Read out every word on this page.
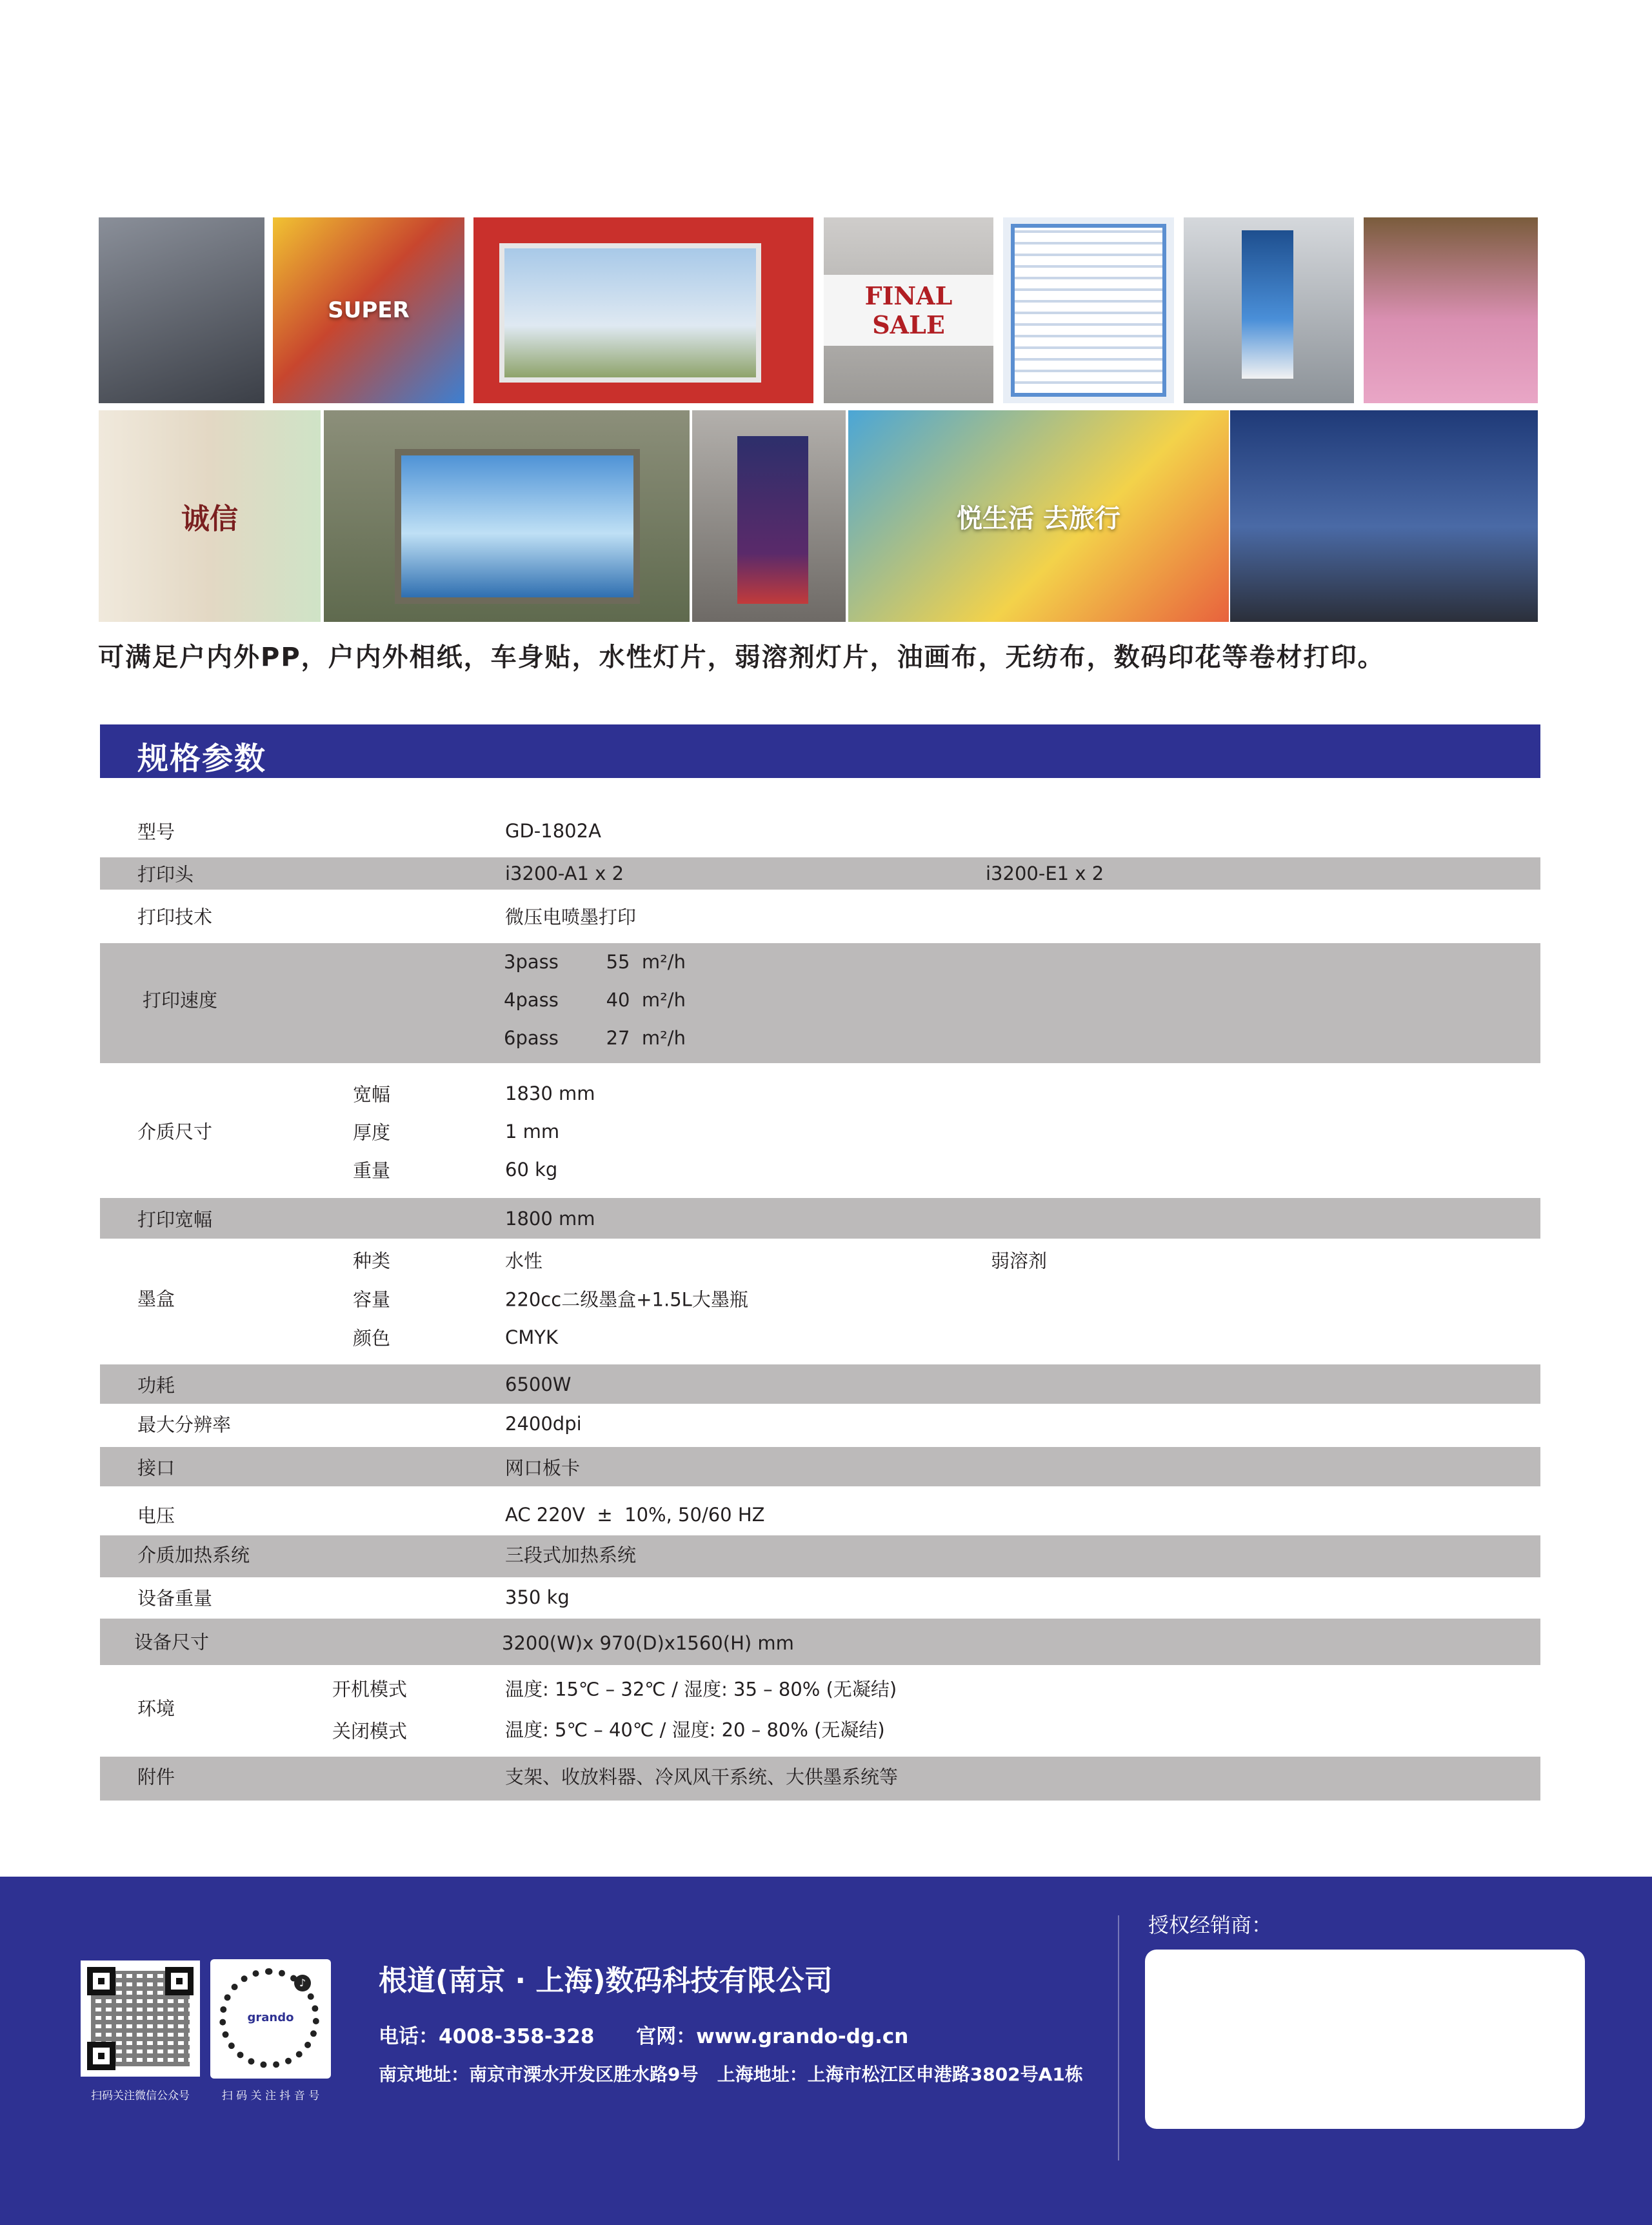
SUPER	FINAL SALE
诚信	悦生活 去旅行
可满足户内外PP，户内外相纸，车身贴，水性灯片，弱溶剂灯片，油画布，无纺布，数码印花等卷材打印。
规格参数
型号	GD-1802A
打印头	i3200-A1 x 2	i3200-E1 x 2
打印技术	微压电喷墨打印
打印速度
3pass        55  m²/h
4pass        40  m²/h
6pass        27  m²/h
介质尺寸
宽幅	1830 mm
厚度	1 mm
重量	60 kg
打印宽幅	1800 mm
墨盒
种类	水性	弱溶剂
容量	220cc二级墨盒+1.5L大墨瓶
颜色	CMYK
功耗	6500W
最大分辨率	2400dpi
接口	网口板卡
电压	AC 220V  ±  10%, 50/60 HZ
介质加热系统	三段式加热系统
设备重量	350 kg
设备尺寸	3200(W)x 970(D)x1560(H) mm
环境
开机模式	温度: 15℃ – 32℃ / 湿度: 35 – 80% (无凝结)
关闭模式	温度: 5℃ – 40℃ / 湿度: 20 – 80% (无凝结)
附件	支架、收放料器、冷风风干系统、大供墨系统等
扫码关注微信公众号
grando
♪
扫 码 关 注 抖 音 号
根道(南京 · 上海)数码科技有限公司
电话：4008-358-328      官网：www.grando-dg.cn
南京地址：南京市溧水开发区胜水路9号   上海地址：上海市松江区申港路3802号A1栋
授权经销商：
